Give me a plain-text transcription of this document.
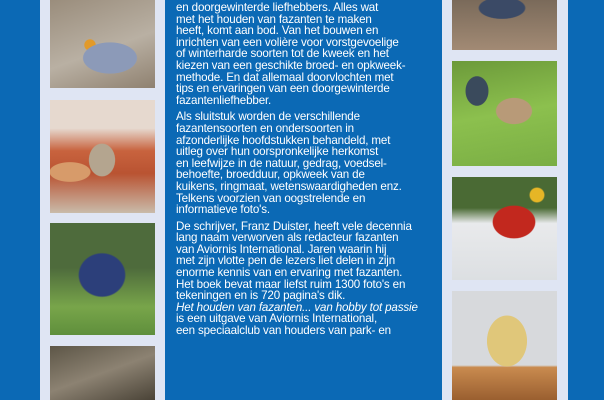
en doorgewinterde liefhebbers. Alles wat
met het houden van fazanten te maken
heeft, komt aan bod. Van het bouwen en
inrichten van een volière voor vorstgevoelige
of winterharde soorten tot de kweek en het
kiezen van een geschikte broed- en opkweek-
methode. En dat allemaal doorvlochten met
tips en ervaringen van een doorgewinterde
fazantenliefhebber.

Als sluitstuk worden de verschillende
fazantensoorten en ondersoorten in
afzonderlijke hoofdstukken behandeld, met
uitleg over hun oorspronkelijke herkomst
en leefwijze in de natuur, gedrag, voedsel-
behoefte, broedduur, opkweek van de
kuikens, ringmaat, wetenswaardigheden enz.
Telkens voorzien van oogstrelende en
informatieve foto's.

De schrijver, Franz Duister, heeft vele decennia
lang naam verworven als redacteur fazanten
van Aviornis International. Jaren waarin hij
met zijn vlotte pen de lezers liet delen in zijn
enorme kennis van en ervaring met fazanten.
Het boek bevat maar liefst ruim 1300 foto's en
tekeningen en is 720 pagina's dik.
Het houden van fazanten... van hobby tot passie
is een uitgave van Aviornis International,
een speciaalclub van houders van park- en
